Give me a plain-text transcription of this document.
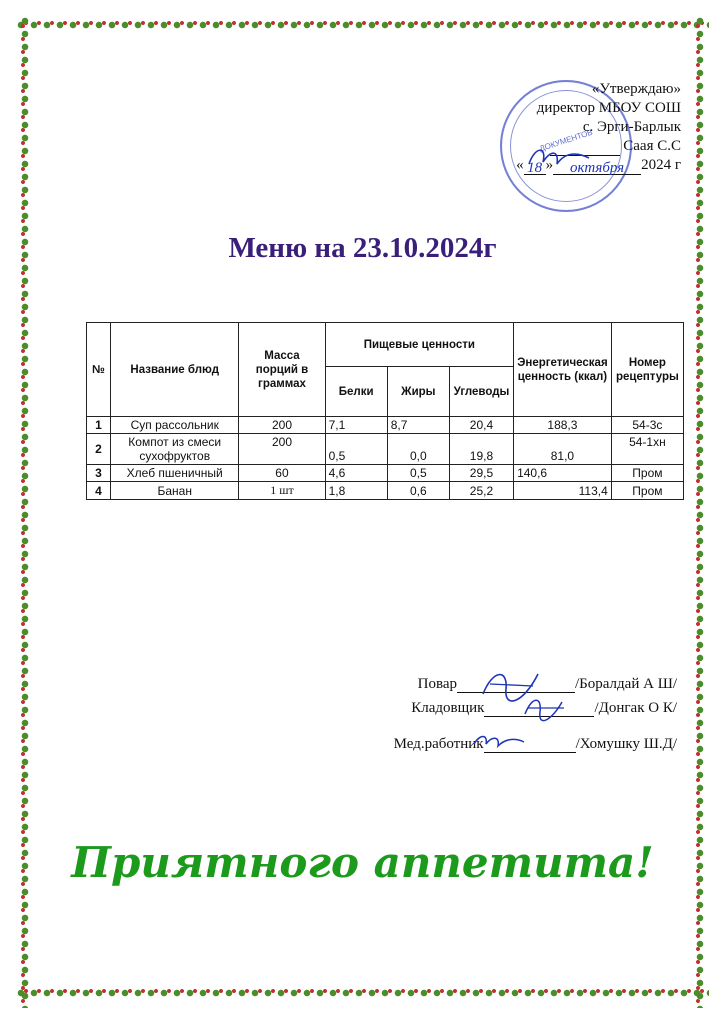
ДОКУМЕНТОВ
«Утверждаю»
директор МБОУ СОШ
с. Эрги-Барлык
Саая С.С
« 18 » октября 2024 г
Меню на 23.10.2024г
№	Название блюд	Масса порций в граммах	Пищевые ценности			Энергетическая ценность (ккал)	Номер рецептуры
			Белки	Жиры	Углеводы		
1	Суп рассольник	200	7,1	8,7	20,4	188,3	54-3с
2	Компот из смеси сухофруктов	200	0,5	0,0	19,8	81,0	54-1хн
3	Хлеб пшеничный	60	4,6	0,5	29,5	140,6	Пром
4	Банан	1 шт	1,8	0,6	25,2	113,4	Пром
Повар	/Боралдай А Ш/
Кладовщик	/Донгак О К/
Мед.работник	/Хомушку Ш.Д/
Приятного аппетита!
